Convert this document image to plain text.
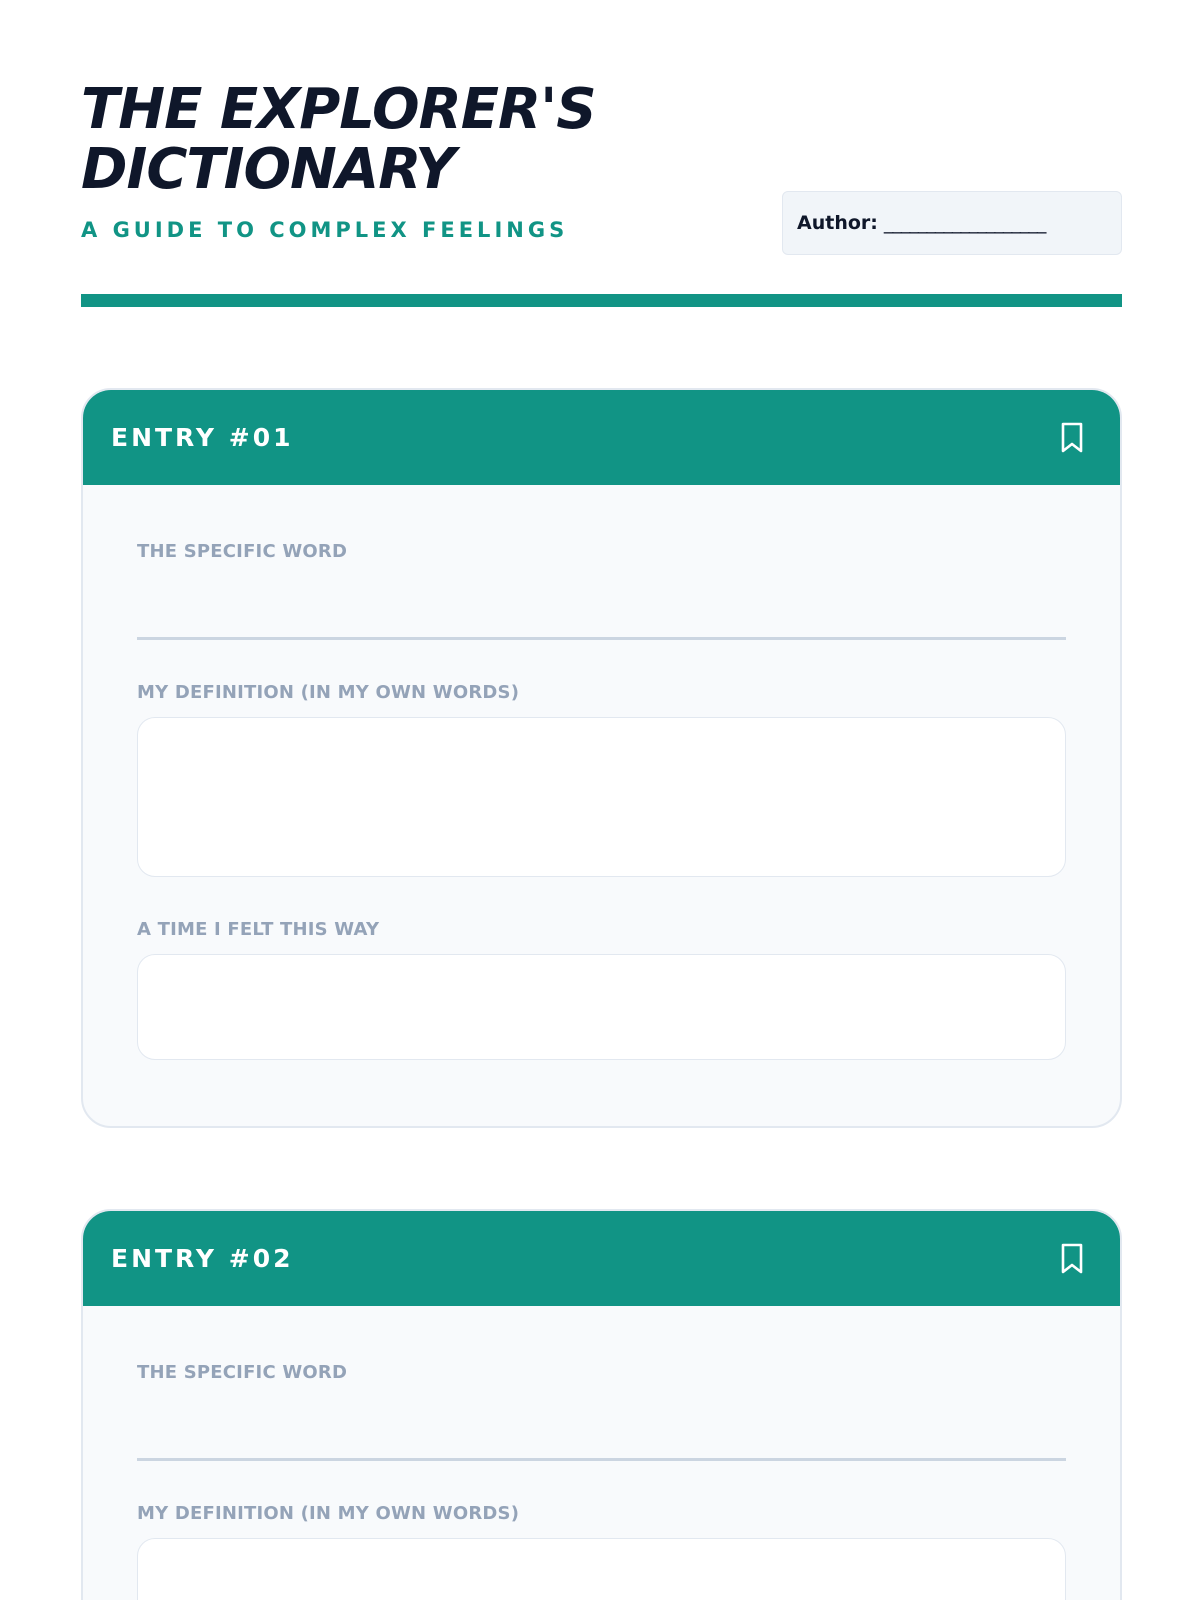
THE EXPLORER'S
DICTIONARY
A GUIDE TO COMPLEX FEELINGS	Author: ___________________
ENTRY #01
THE SPECIFIC WORD
MY DEFINITION (IN MY OWN WORDS)
A TIME I FELT THIS WAY
ENTRY #02
THE SPECIFIC WORD
MY DEFINITION (IN MY OWN WORDS)
